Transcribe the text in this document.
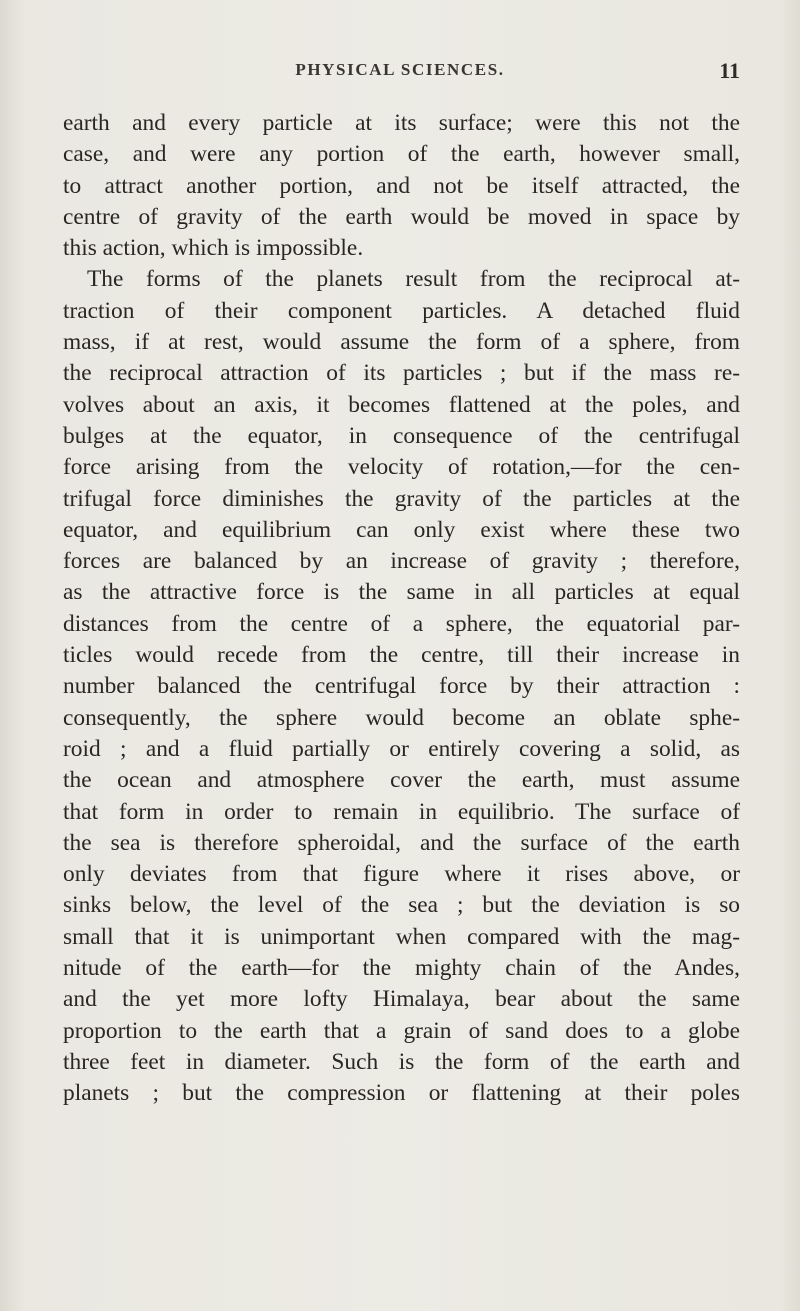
PHYSICAL SCIENCES.	11
earth and every particle at its surface; were this not the
case, and were any portion of the earth, however small,
to attract another portion, and not be itself attracted, the
centre of gravity of the earth would be moved in space by
this action, which is impossible.
The forms of the planets result from the reciprocal at-
traction of their component particles. A detached fluid
mass, if at rest, would assume the form of a sphere, from
the reciprocal attraction of its particles ; but if the mass re-
volves about an axis, it becomes flattened at the poles, and
bulges at the equator, in consequence of the centrifugal
force arising from the velocity of rotation,—for the cen-
trifugal force diminishes the gravity of the particles at the
equator, and equilibrium can only exist where these two
forces are balanced by an increase of gravity ; therefore,
as the attractive force is the same in all particles at equal
distances from the centre of a sphere, the equatorial par-
ticles would recede from the centre, till their increase in
number balanced the centrifugal force by their attraction :
consequently, the sphere would become an oblate sphe-
roid ; and a fluid partially or entirely covering a solid, as
the ocean and atmosphere cover the earth, must assume
that form in order to remain in equilibrio. The surface of
the sea is therefore spheroidal, and the surface of the earth
only deviates from that figure where it rises above, or
sinks below, the level of the sea ; but the deviation is so
small that it is unimportant when compared with the mag-
nitude of the earth—for the mighty chain of the Andes,
and the yet more lofty Himalaya, bear about the same
proportion to the earth that a grain of sand does to a globe
three feet in diameter. Such is the form of the earth and
planets ; but the compression or flattening at their poles
